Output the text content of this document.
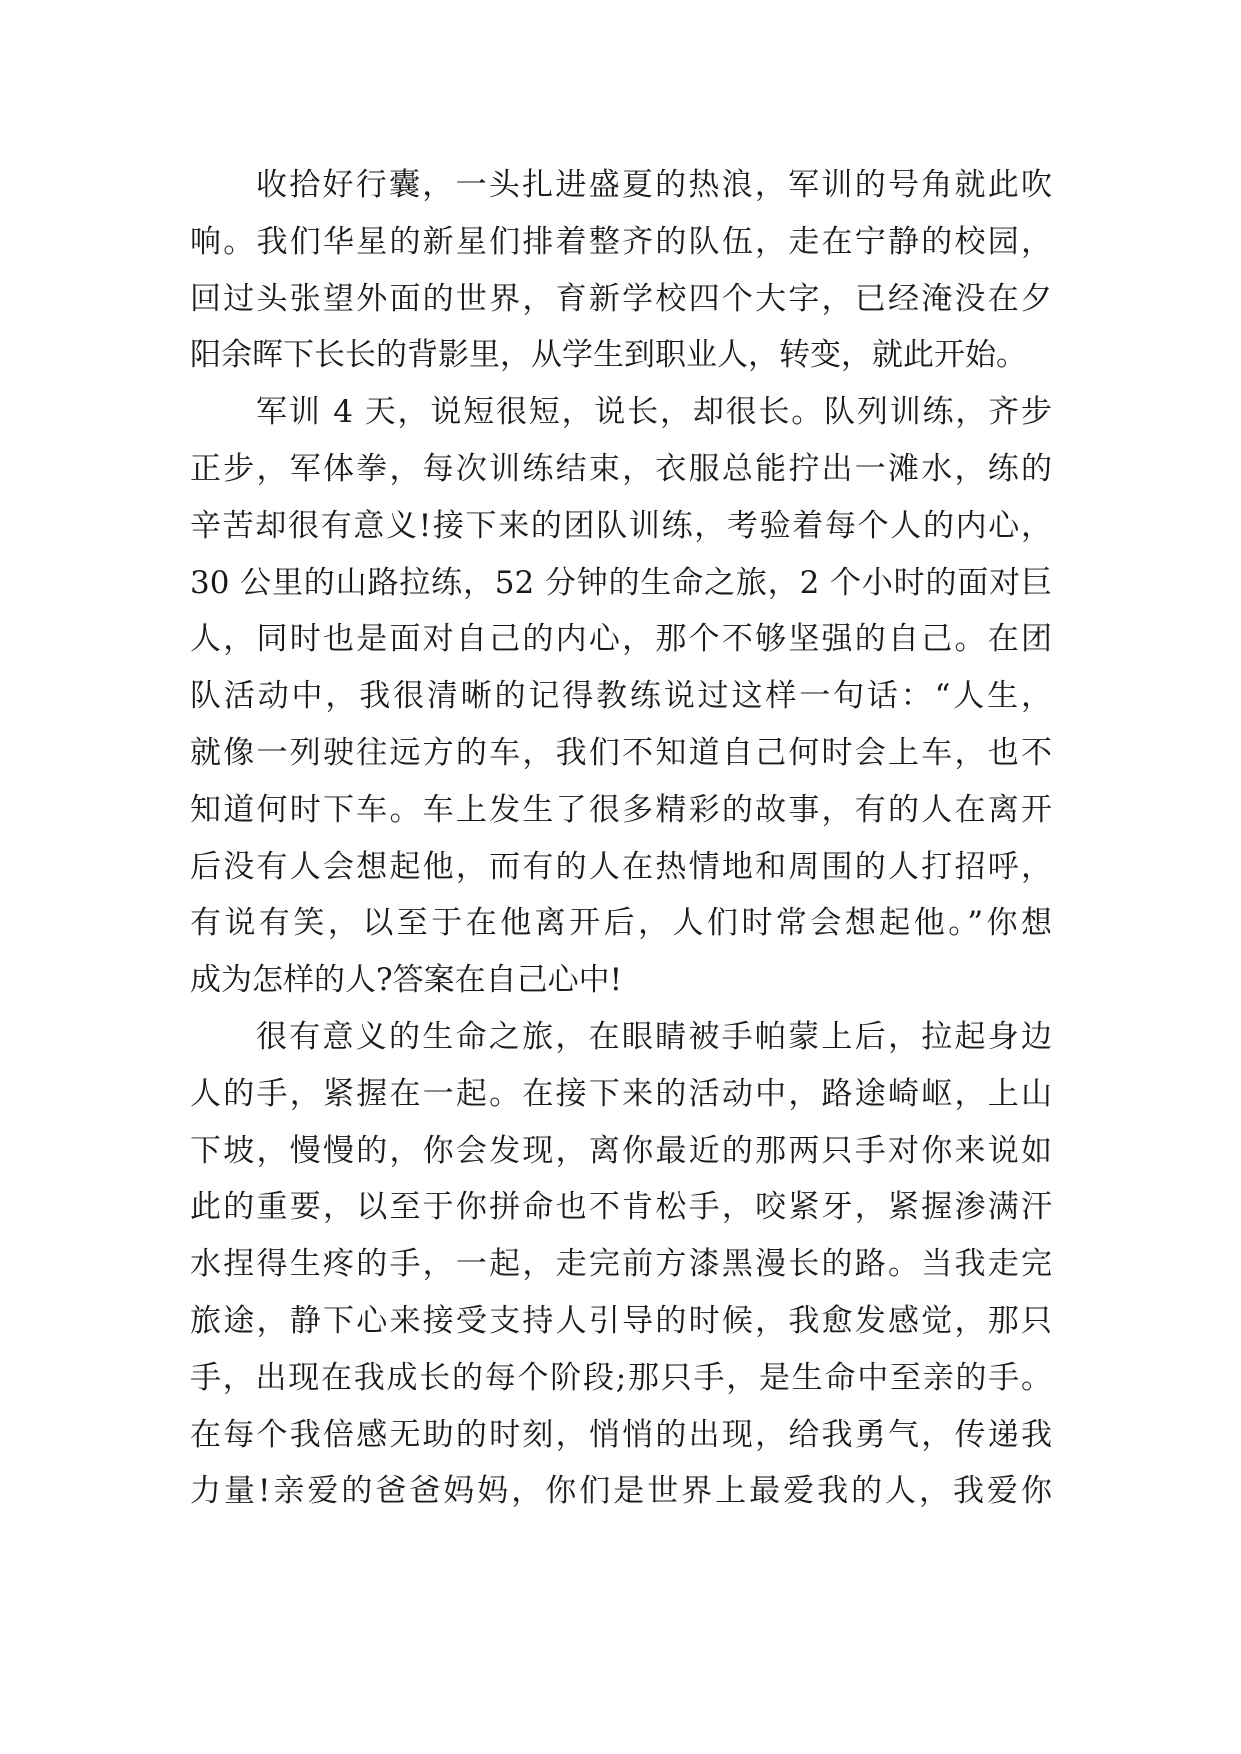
收拾好行囊，一头扎进盛夏的热浪，军训的号角就此吹
响。我们华星的新星们排着整齐的队伍，走在宁静的校园，
回过头张望外面的世界，育新学校四个大字，已经淹没在夕
阳余晖下长长的背影里，从学生到职业人，转变，就此开始。
军训 4 天，说短很短，说长，却很长。队列训练，齐步
正步，军体拳，每次训练结束，衣服总能拧出一滩水，练的
辛苦却很有意义!接下来的团队训练，考验着每个人的内心，
30 公里的山路拉练，52 分钟的生命之旅，2 个小时的面对巨
人，同时也是面对自己的内心，那个不够坚强的自己。在团
队活动中，我很清晰的记得教练说过这样一句话：“人生，
就像一列驶往远方的车，我们不知道自己何时会上车，也不
知道何时下车。车上发生了很多精彩的故事，有的人在离开
后没有人会想起他，而有的人在热情地和周围的人打招呼，
有说有笑，以至于在他离开后，人们时常会想起他。”你想
成为怎样的人?答案在自己心中!
很有意义的生命之旅，在眼睛被手帕蒙上后，拉起身边
人的手，紧握在一起。在接下来的活动中，路途崎岖，上山
下坡，慢慢的，你会发现，离你最近的那两只手对你来说如
此的重要，以至于你拼命也不肯松手，咬紧牙，紧握渗满汗
水捏得生疼的手，一起，走完前方漆黑漫长的路。当我走完
旅途，静下心来接受支持人引导的时候，我愈发感觉，那只
手，出现在我成长的每个阶段;那只手，是生命中至亲的手。
在每个我倍感无助的时刻，悄悄的出现，给我勇气，传递我
力量!亲爱的爸爸妈妈，你们是世界上最爱我的人，我爱你
